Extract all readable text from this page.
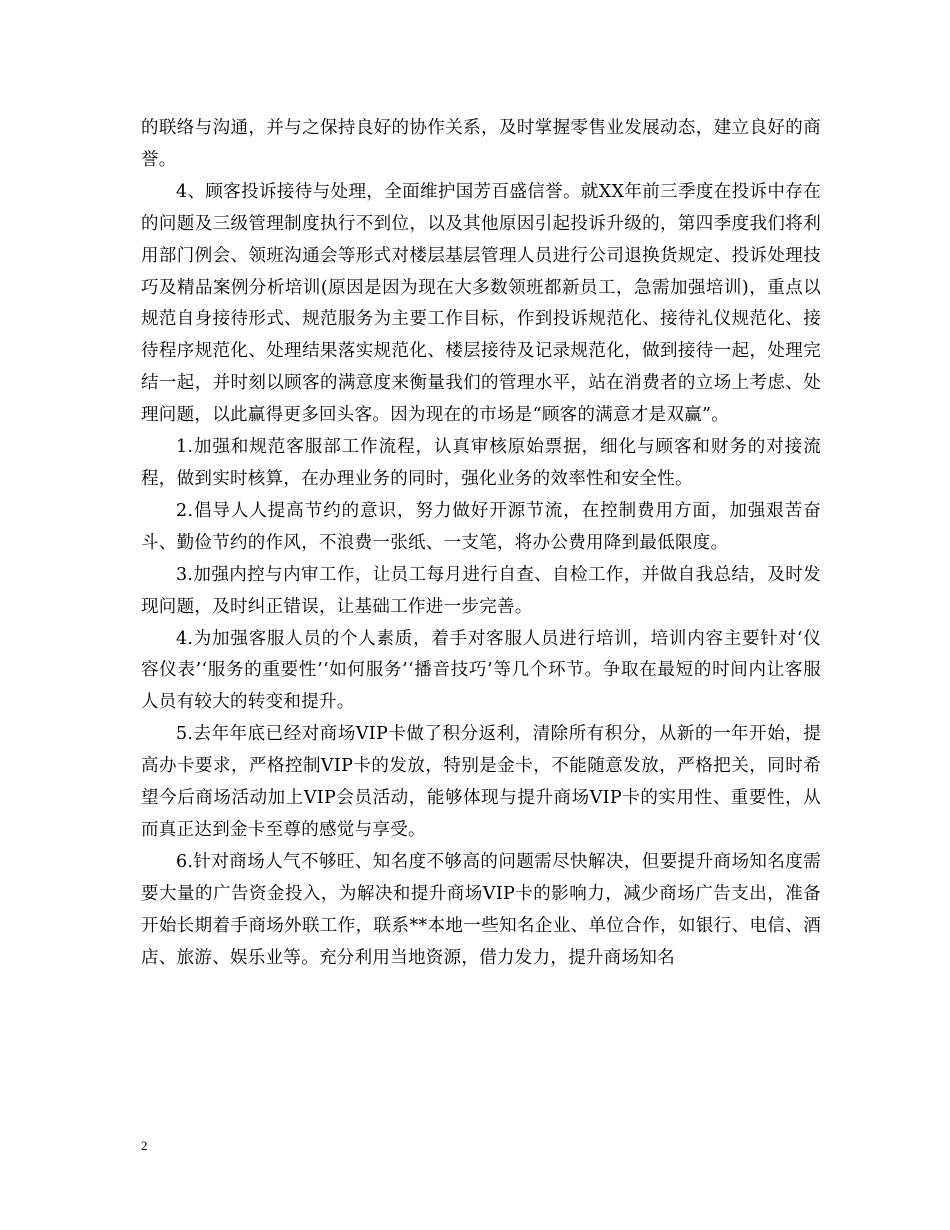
的联络与沟通，并与之保持良好的协作关系，及时掌握零售业发展动态，建立良好的商誉。

4、顾客投诉接待与处理，全面维护国芳百盛信誉。就XX年前三季度在投诉中存在的问题及三级管理制度执行不到位，以及其他原因引起投诉升级的，第四季度我们将利用部门例会、领班沟通会等形式对楼层基层管理人员进行公司退换货规定、投诉处理技巧及精品案例分析培训(原因是因为现在大多数领班都新员工，急需加强培训)，重点以规范自身接待形式、规范服务为主要工作目标，作到投诉规范化、接待礼仪规范化、接待程序规范化、处理结果落实规范化、楼层接待及记录规范化，做到接待一起，处理完结一起，并时刻以顾客的满意度来衡量我们的管理水平，站在消费者的立场上考虑、处理问题，以此赢得更多回头客。因为现在的市场是“顾客的满意才是双赢”。

1.加强和规范客服部工作流程，认真审核原始票据，细化与顾客和财务的对接流程，做到实时核算，在办理业务的同时，强化业务的效率性和安全性。

2.倡导人人提高节约的意识，努力做好开源节流，在控制费用方面，加强艰苦奋斗、勤俭节约的作风，不浪费一张纸、一支笔，将办公费用降到最低限度。

3.加强内控与内审工作，让员工每月进行自查、自检工作，并做自我总结，及时发现问题，及时纠正错误，让基础工作进一步完善。

4.为加强客服人员的个人素质，着手对客服人员进行培训，培训内容主要针对‘仪容仪表’‘服务的重要性’‘如何服务’‘播音技巧’等几个环节。争取在最短的时间内让客服人员有较大的转变和提升。

5.去年年底已经对商场VIP卡做了积分返利，清除所有积分，从新的一年开始，提高办卡要求，严格控制VIP卡的发放，特别是金卡，不能随意发放，严格把关，同时希望今后商场活动加上VIP会员活动，能够体现与提升商场VIP卡的实用性、重要性，从而真正达到金卡至尊的感觉与享受。

6.针对商场人气不够旺、知名度不够高的问题需尽快解决，但要提升商场知名度需要大量的广告资金投入，为解决和提升商场VIP卡的影响力，减少商场广告支出，准备开始长期着手商场外联工作，联系**本地一些知名企业、单位合作，如银行、电信、酒店、旅游、娱乐业等。充分利用当地资源，借力发力，提升商场知名

2
